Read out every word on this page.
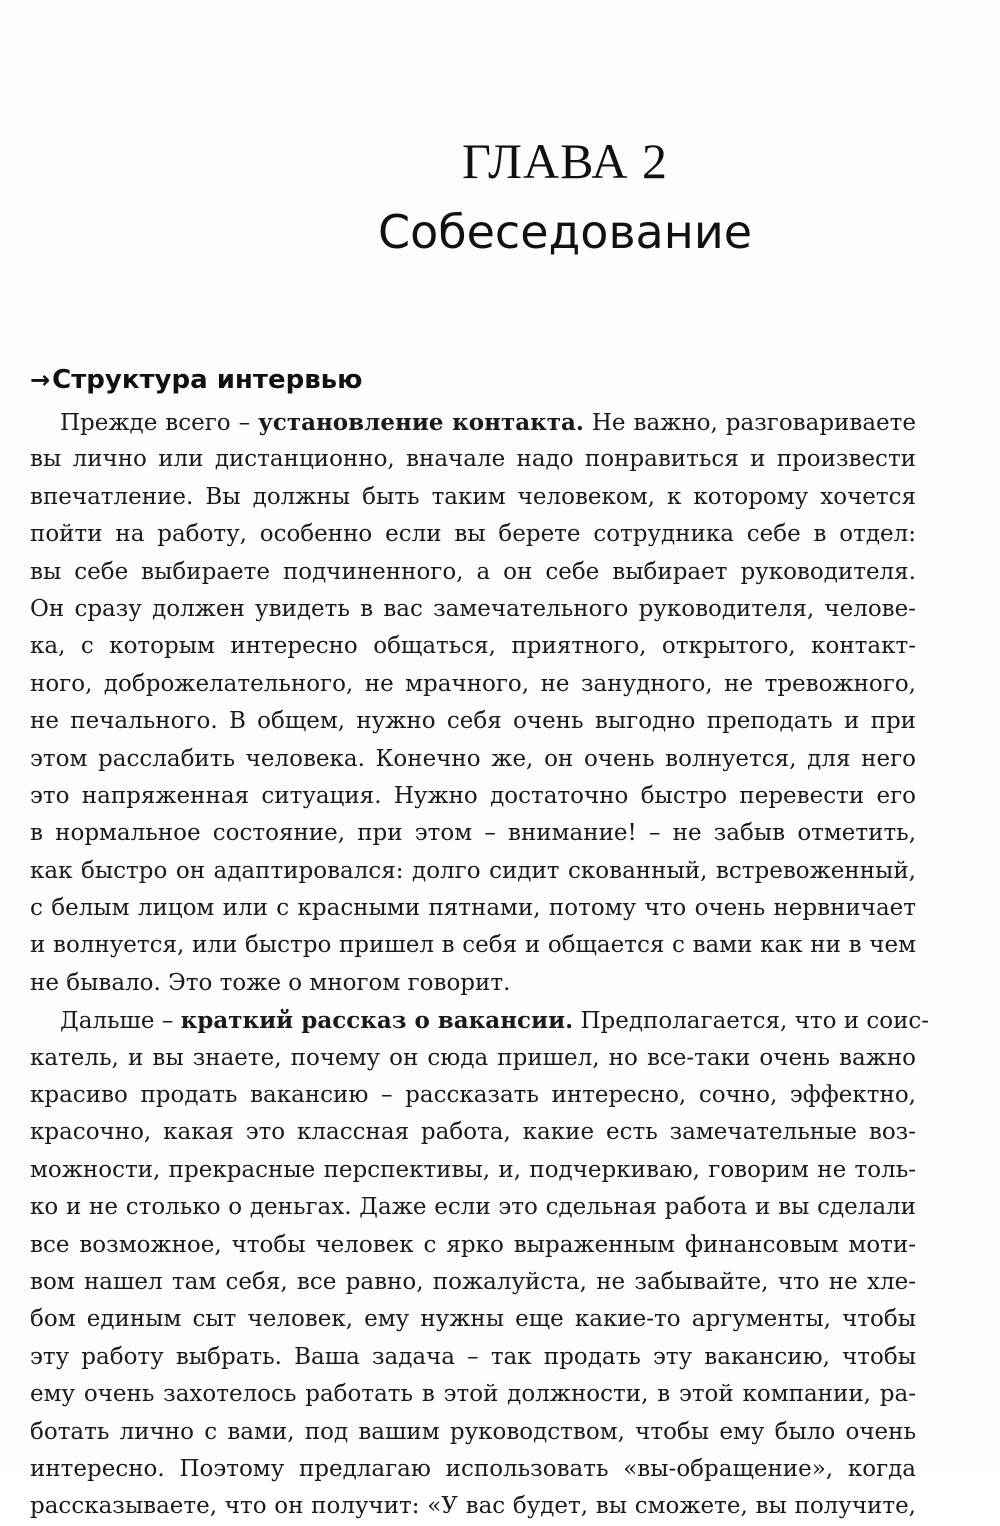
ГЛАВА 2
Собеседование
→Структура интервью
Прежде всего – установление контакта. Не важно, разговариваете
вы лично или дистанционно, вначале надо понравиться и произвести
впечатление. Вы должны быть таким человеком, к которому хочется
пойти на работу, особенно если вы берете сотрудника себе в отдел:
вы себе выбираете подчиненного, а он себе выбирает руководителя.
Он сразу должен увидеть в вас замечательного руководителя, челове-
ка, с которым интересно общаться, приятного, открытого, контакт-
ного, доброжелательного, не мрачного, не занудного, не тревожного,
не печального. В общем, нужно себя очень выгодно преподать и при
этом расслабить человека. Конечно же, он очень волнуется, для него
это напряженная ситуация. Нужно достаточно быстро перевести его
в нормальное состояние, при этом – внимание! – не забыв отметить,
как быстро он адаптировался: долго сидит скованный, встревоженный,
с белым лицом или с красными пятнами, потому что очень нервничает
и волнуется, или быстро пришел в себя и общается с вами как ни в чем
не бывало. Это тоже о многом говорит.
Дальше – краткий рассказ о вакансии. Предполагается, что и соис-
катель, и вы знаете, почему он сюда пришел, но все-таки очень важно
красиво продать вакансию – рассказать интересно, сочно, эффектно,
красочно, какая это классная работа, какие есть замечательные воз-
можности, прекрасные перспективы, и, подчеркиваю, говорим не толь-
ко и не столько о деньгах. Даже если это сдельная работа и вы сделали
все возможное, чтобы человек с ярко выраженным финансовым моти-
вом нашел там себя, все равно, пожалуйста, не забывайте, что не хле-
бом единым сыт человек, ему нужны еще какие-то аргументы, чтобы
эту работу выбрать. Ваша задача – так продать эту вакансию, чтобы
ему очень захотелось работать в этой должности, в этой компании, ра-
ботать лично с вами, под вашим руководством, чтобы ему было очень
интересно. Поэтому предлагаю использовать «вы-обращение», когда
рассказываете, что он получит: «У вас будет, вы сможете, вы получите,
